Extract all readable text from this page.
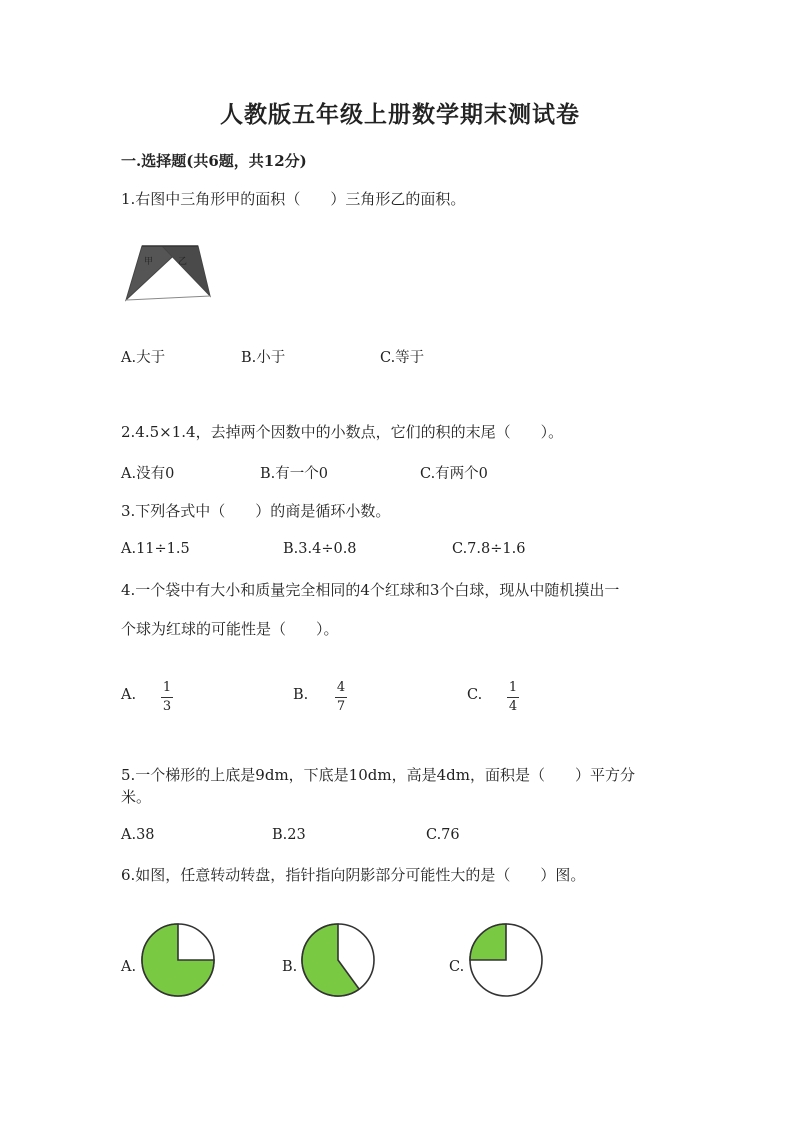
人教版五年级上册数学期末测试卷
一.选择题(共6题，共12分)
1.右图中三角形甲的面积（　　）三角形乙的面积。
甲	乙
A.大于	B.小于	C.等于
2.4.5×1.4，去掉两个因数中的小数点，它们的积的末尾（　　）。
A.没有0	B.有一个0	C.有两个0
3.下列各式中（　　）的商是循环小数。
A.11÷1.5	B.3.4÷0.8	C.7.8÷1.6
4.一个袋中有大小和质量完全相同的4个红球和3个白球，现从中随机摸出一
个球为红球的可能性是（　　）。
A. 1
3
B. 4
7
C. 1
4
5.一个梯形的上底是9dm，下底是10dm，高是4dm，面积是（　　）平方分
米。
A.38	B.23	C.76
6.如图，任意转动转盘，指针指向阴影部分可能性大的是（　　）图。
A.	B.	C.
